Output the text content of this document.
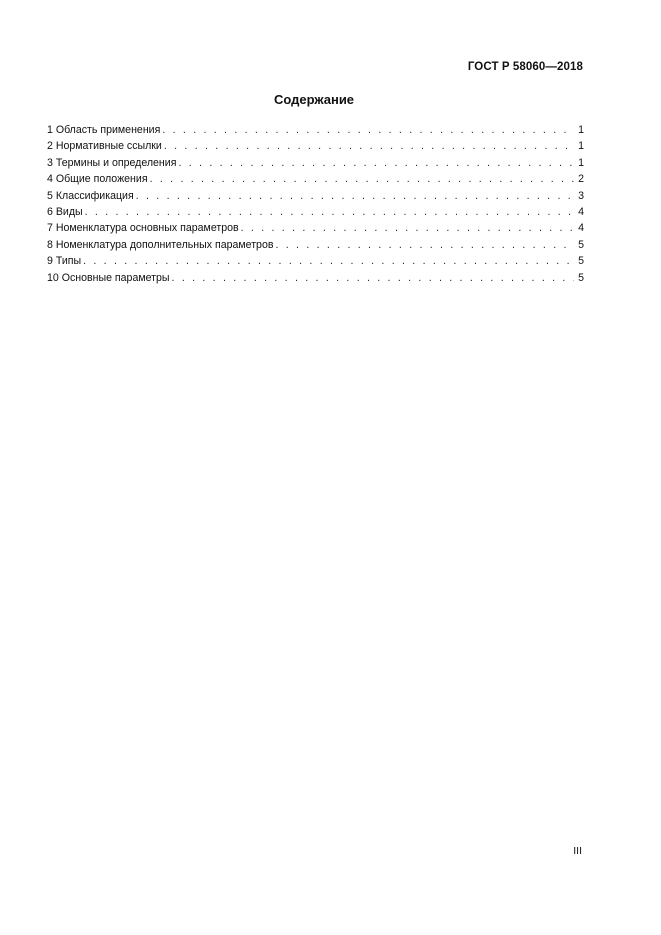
ГОСТ Р 58060—2018
Содержание
1 Область применения . . .	1
2 Нормативные ссылки . . .	1
3 Термины и определения . . .	1
4 Общие положения . . .	2
5 Классификация . . .	3
6 Виды . . .	4
7 Номенклатура основных параметров . . .	4
8 Номенклатура дополнительных параметров . . .	5
9 Типы . . .	5
10 Основные параметры . . .	5
III
